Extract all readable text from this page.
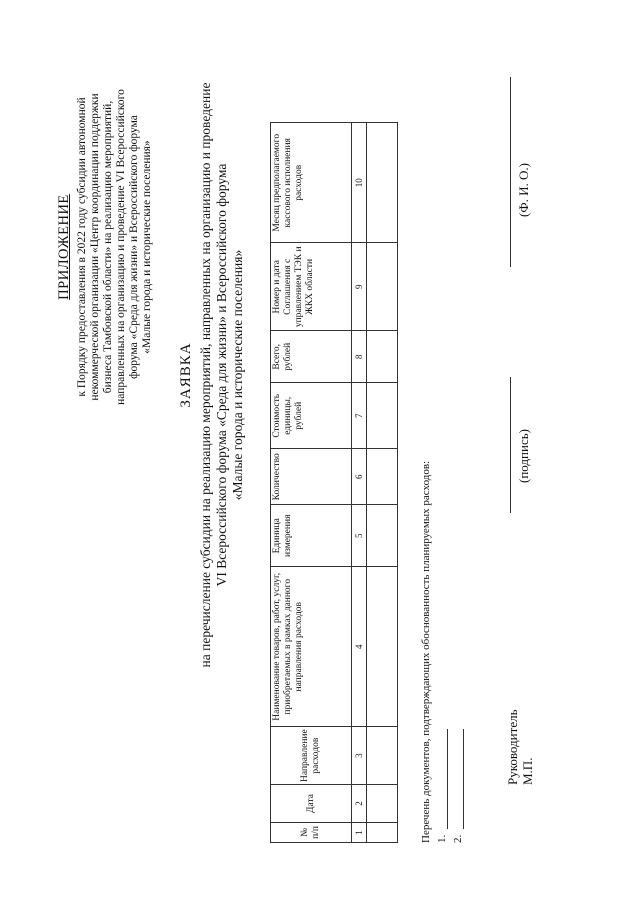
ПРИЛОЖЕНИЕ к Порядку предоставления в 2022 году субсидии автономной некоммерческой организации «Центр координации поддержки бизнеса Тамбовской области» на реализацию мероприятий, направленных на организацию и проведение VI Всероссийского форума «Среда для жизни» и Всероссийского форума «Малые города и исторические поселения»
ЗАЯВКА на перечисление субсидии на реализацию мероприятий, направленных на организацию и проведение VI Всероссийского форума «Среда для жизни» и Всероссийского форума «Малые города и исторические поселения»
№ п/п	Дата	Направление расходов	Наименование товаров, работ, услуг, приобретаемых в рамках данного направления расходов	Единица измерения	Количество	Стоимость единицы, рублей	Всего, рублей	Номер и дата Соглашения с управлением ТЭК и ЖКХ области	Месяц предполагаемого кассового исполнения расходов
1	2	3	4	5	6	7	8	9	10

Перечень документов, подтверждающих обоснованность планируемых расходов: 1. 2.
Руководитель М.П.
(подпись)
(Ф. И. О.)
